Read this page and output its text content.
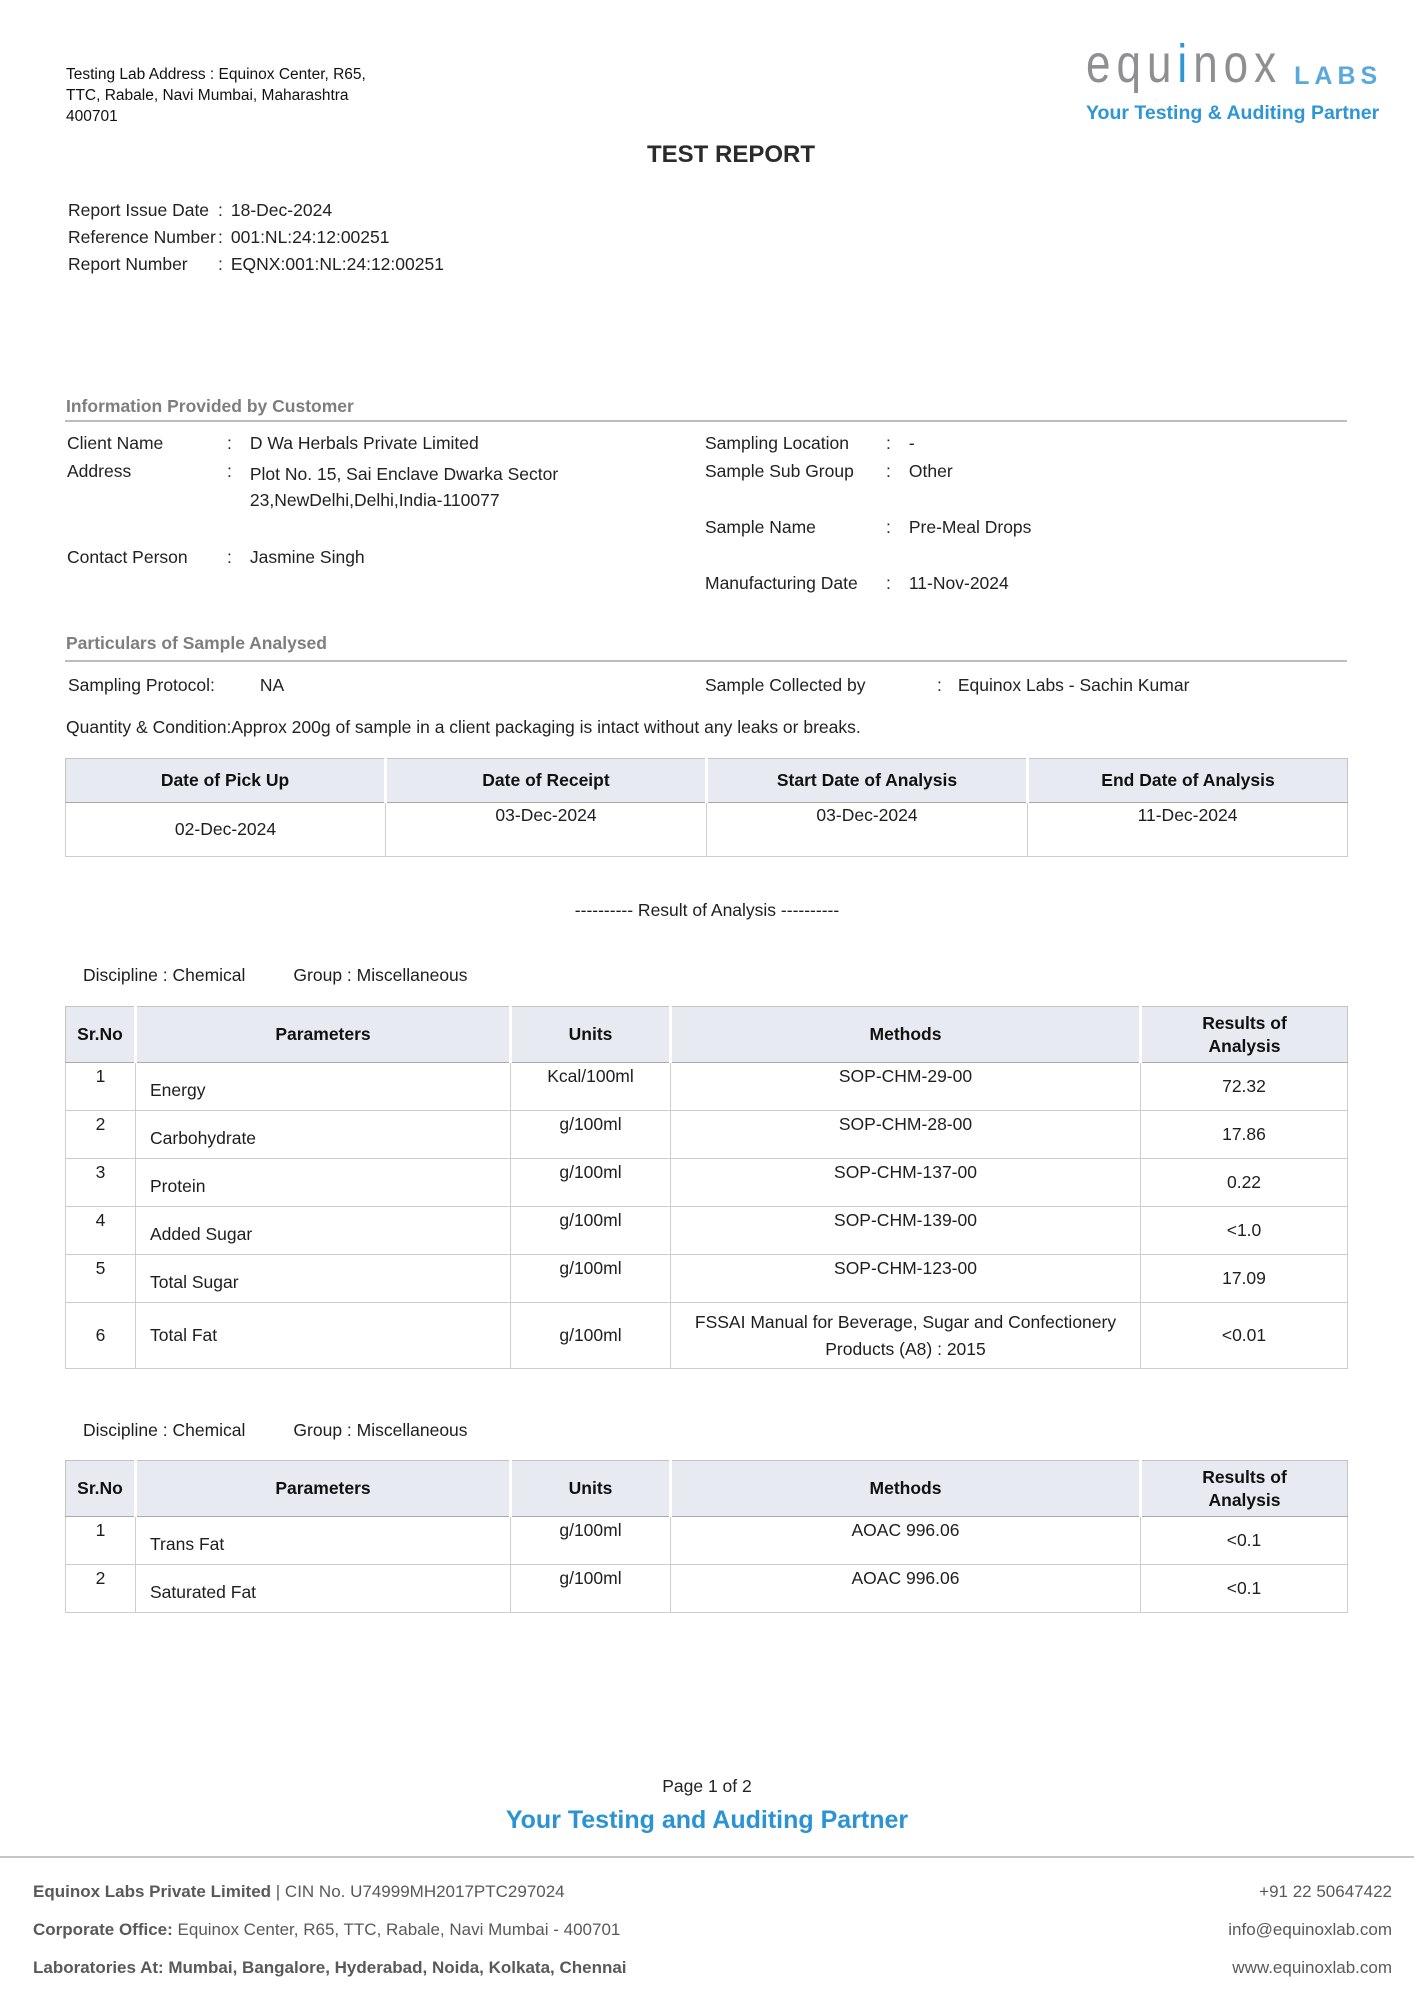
Testing Lab Address : Equinox Center, R65,
TTC, Rabale, Navi Mumbai, Maharashtra
400701
equinox LABS
Your Testing & Auditing Partner
TEST REPORT
Report Issue Date : 18-Dec-2024
Reference Number : 001:NL:24:12:00251
Report Number : EQNX:001:NL:24:12:00251
Information Provided by Customer
Client Name	: D Wa Herbals Private Limited
Address	: Plot No. 15, Sai Enclave Dwarka Sector 23,NewDelhi,Delhi,India-110077
Contact Person : Jasmine Singh
Sampling Location : -
Sample Sub Group : Other
Sample Name	: Pre-Meal Drops
Manufacturing Date : 11-Nov-2024
Particulars of Sample Analysed
Sampling Protocol:	NA	Sample Collected by	: Equinox Labs - Sachin Kumar
Quantity & Condition:Approx 200g of sample in a client packaging is intact without any leaks or breaks.
Date of Pick Up	Date of Receipt	Start Date of Analysis	End Date of Analysis
02-Dec-2024	03-Dec-2024	03-Dec-2024	11-Dec-2024
---------- Result of Analysis ----------
Discipline : Chemical	Group : Miscellaneous
Sr.No	Parameters	Units	Methods	Results of Analysis
1	Energy	Kcal/100ml	SOP-CHM-29-00	72.32
2	Carbohydrate	g/100ml	SOP-CHM-28-00	17.86
3	Protein	g/100ml	SOP-CHM-137-00	0.22
4	Added Sugar	g/100ml	SOP-CHM-139-00	<1.0
5	Total Sugar	g/100ml	SOP-CHM-123-00	17.09
6	Total Fat	g/100ml	FSSAI Manual for Beverage, Sugar and Confectionery Products (A8) : 2015	<0.01
Discipline : Chemical	Group : Miscellaneous
Sr.No	Parameters	Units	Methods	Results of Analysis
1	Trans Fat	g/100ml	AOAC 996.06	<0.1
2	Saturated Fat	g/100ml	AOAC 996.06	<0.1
Page 1 of 2
Your Testing and Auditing Partner
Equinox Labs Private Limited | CIN No. U74999MH2017PTC297024	+91 22 50647422
Corporate Office: Equinox Center, R65, TTC, Rabale, Navi Mumbai - 400701	info@equinoxlab.com
Laboratories At: Mumbai, Bangalore, Hyderabad, Noida, Kolkata, Chennai	www.equinoxlab.com
